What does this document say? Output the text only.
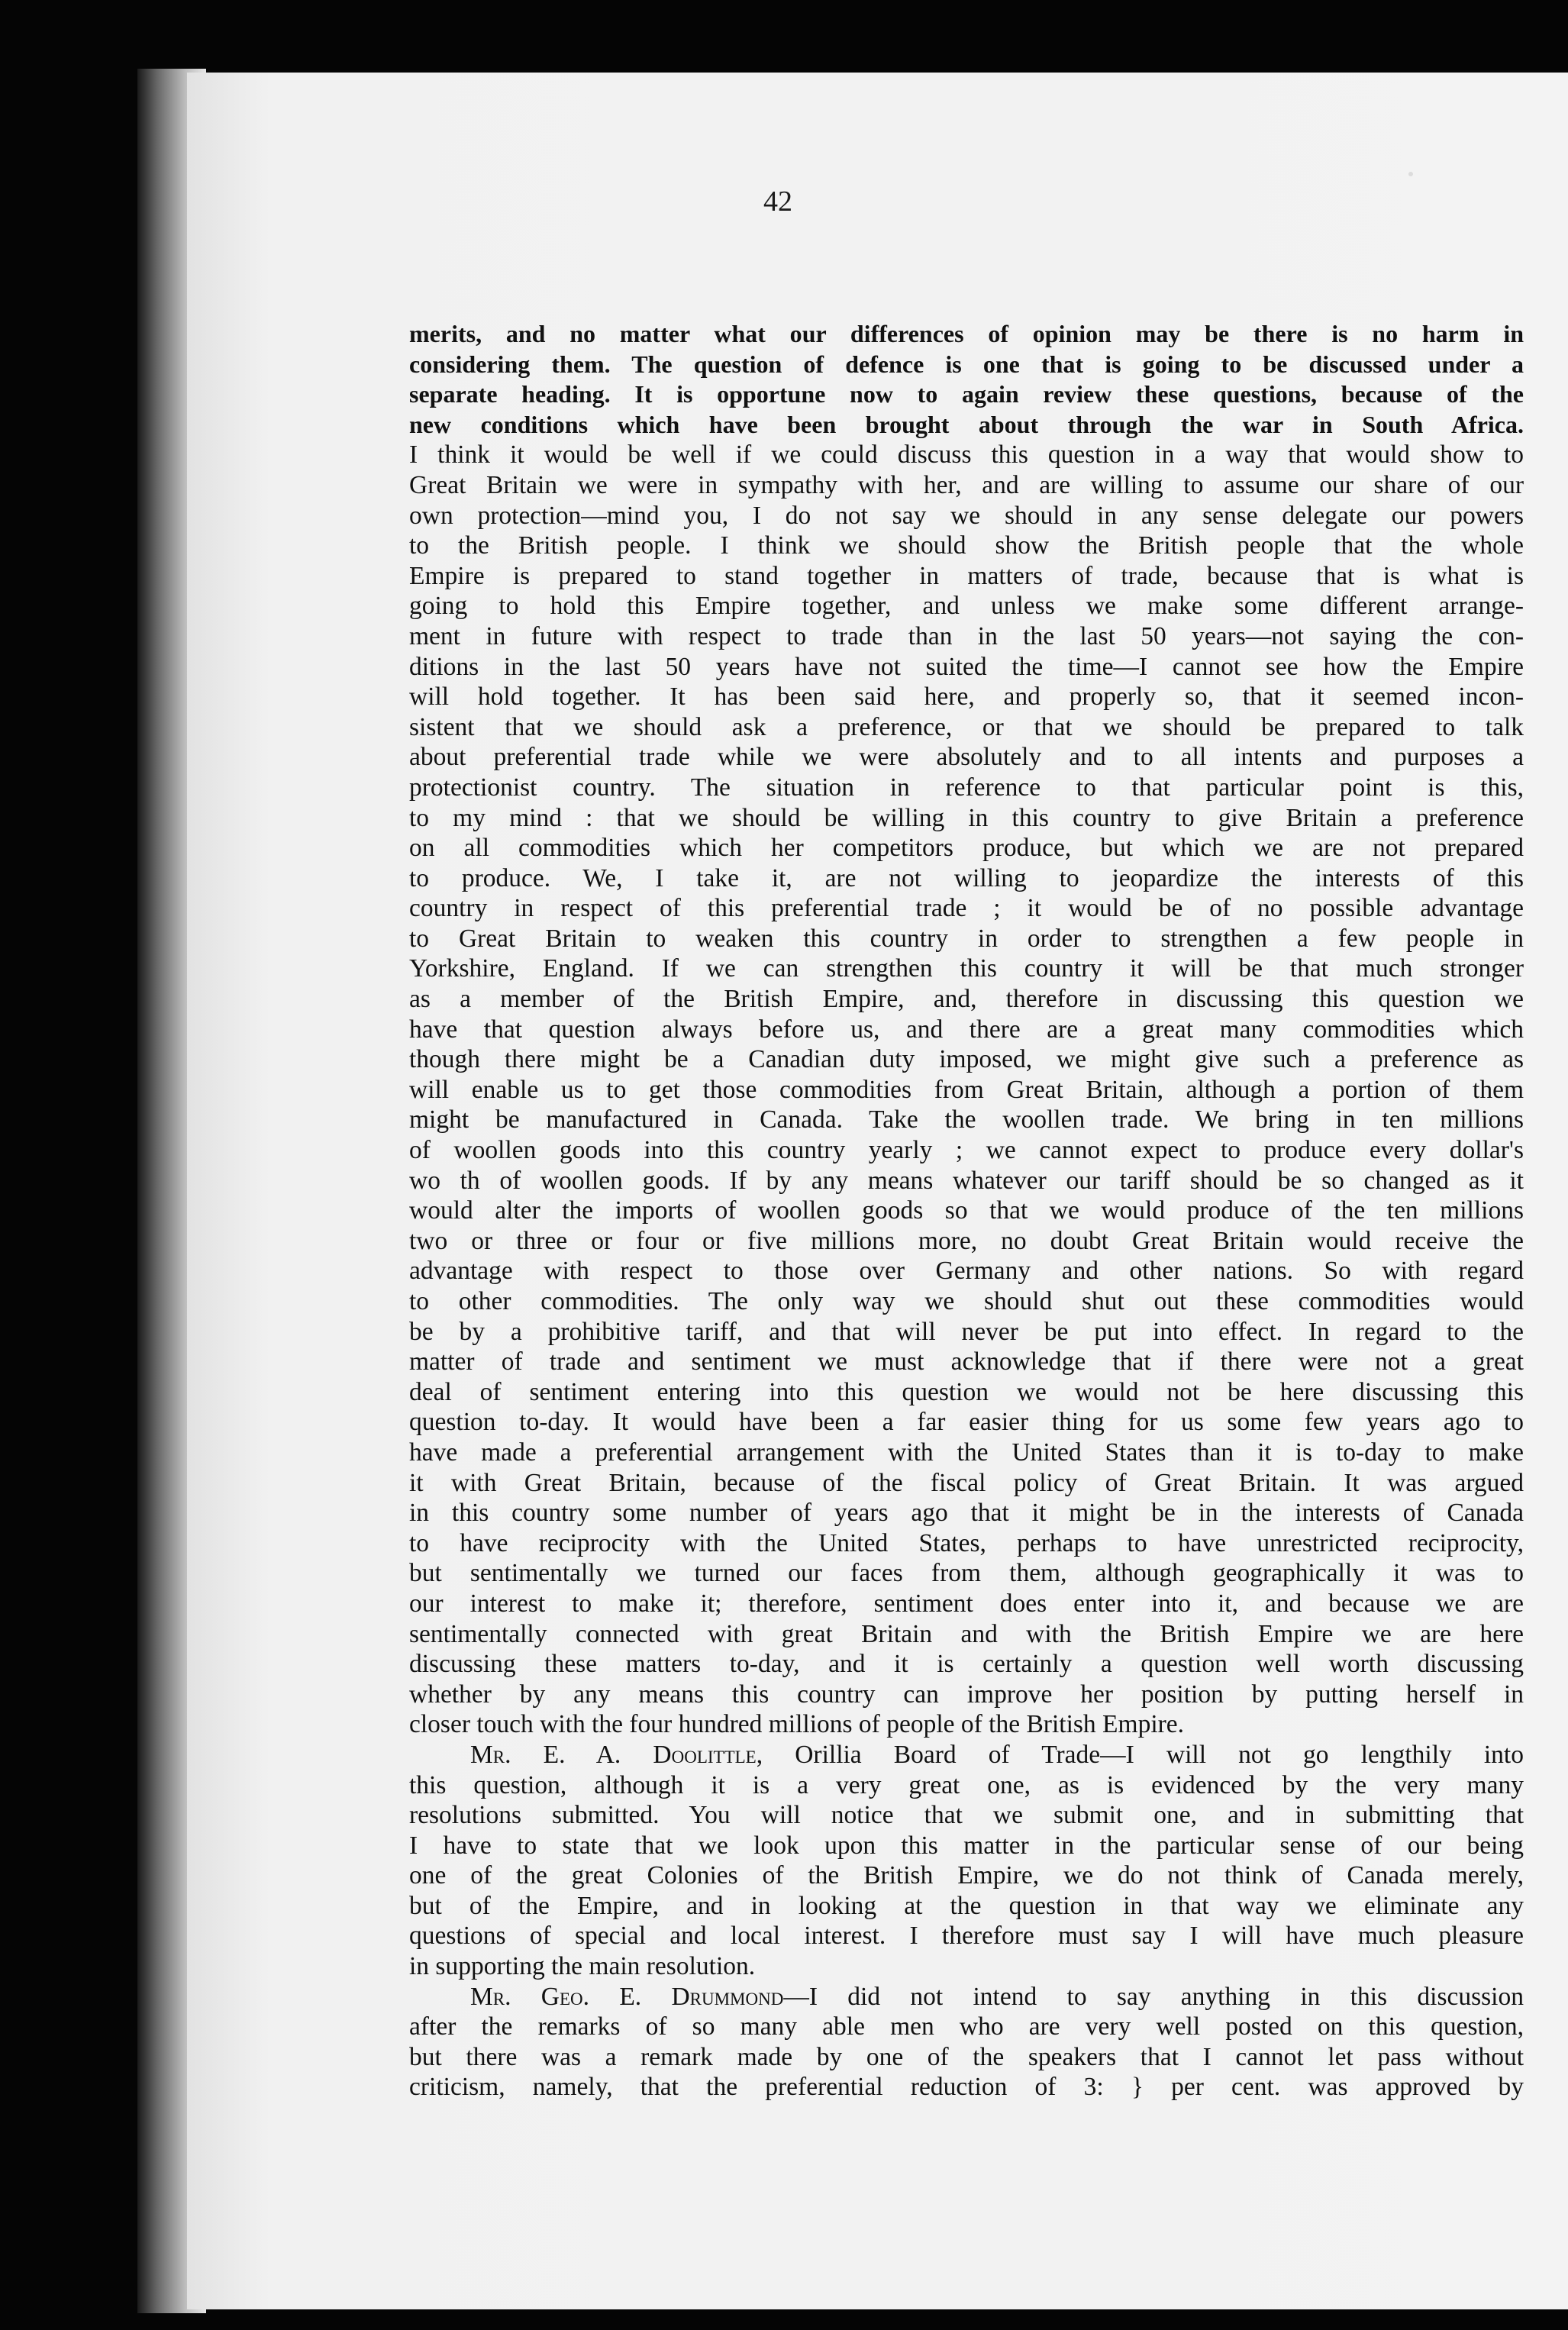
42
merits, and no matter what our differences of opinion may be there is no harm in
considering them. The question of defence is one that is going to be discussed under a
separate heading. It is opportune now to again review these questions, because of the
new conditions which have been brought about through the war in South Africa.
I think it would be well if we could discuss this question in a way that would show to
Great Britain we were in sympathy with her, and are willing to assume our share of our
own protection—mind you, I do not say we should in any sense delegate our powers
to the British people. I think we should show the British people that the whole
Empire is prepared to stand together in matters of trade, because that is what is
going to hold this Empire together, and unless we make some different arrange-
ment in future with respect to trade than in the last 50 years—not saying the con-
ditions in the last 50 years have not suited the time—I cannot see how the Empire
will hold together. It has been said here, and properly so, that it seemed incon-
sistent that we should ask a preference, or that we should be prepared to talk
about preferential trade while we were absolutely and to all intents and purposes a
protectionist country. The situation in reference to that particular point is this,
to my mind : that we should be willing in this country to give Britain a preference
on all commodities which her competitors produce, but which we are not prepared
to produce. We, I take it, are not willing to jeopardize the interests of this
country in respect of this preferential trade ; it would be of no possible advantage
to Great Britain to weaken this country in order to strengthen a few people in
Yorkshire, England. If we can strengthen this country it will be that much stronger
as a member of the British Empire, and, therefore in discussing this question we
have that question always before us, and there are a great many commodities which
though there might be a Canadian duty imposed, we might give such a preference as
will enable us to get those commodities from Great Britain, although a portion of them
might be manufactured in Canada. Take the woollen trade. We bring in ten millions
of woollen goods into this country yearly ; we cannot expect to produce every dollar's
wo th of woollen goods. If by any means whatever our tariff should be so changed as it
would alter the imports of woollen goods so that we would produce of the ten millions
two or three or four or five millions more, no doubt Great Britain would receive the
advantage with respect to those over Germany and other nations. So with regard
to other commodities. The only way we should shut out these commodities would
be by a prohibitive tariff, and that will never be put into effect. In regard to the
matter of trade and sentiment we must acknowledge that if there were not a great
deal of sentiment entering into this question we would not be here discussing this
question to-day. It would have been a far easier thing for us some few years ago to
have made a preferential arrangement with the United States than it is to-day to make
it with Great Britain, because of the fiscal policy of Great Britain. It was argued
in this country some number of years ago that it might be in the interests of Canada
to have reciprocity with the United States, perhaps to have unrestricted reciprocity,
but sentimentally we turned our faces from them, although geographically it was to
our interest to make it; therefore, sentiment does enter into it, and because we are
sentimentally connected with great Britain and with the British Empire we are here
discussing these matters to-day, and it is certainly a question well worth discussing
whether by any means this country can improve her position by putting herself in
closer touch with the four hundred millions of people of the British Empire.
Mr. E. A. Doolittle, Orillia Board of Trade—I will not go lengthily into
this question, although it is a very great one, as is evidenced by the very many
resolutions submitted. You will notice that we submit one, and in submitting that
I have to state that we look upon this matter in the particular sense of our being
one of the great Colonies of the British Empire, we do not think of Canada merely,
but of the Empire, and in looking at the question in that way we eliminate any
questions of special and local interest. I therefore must say I will have much pleasure
in supporting the main resolution.
Mr. Geo. E. Drummond—I did not intend to say anything in this discussion
after the remarks of so many able men who are very well posted on this question,
but there was a remark made by one of the speakers that I cannot let pass without
criticism, namely, that the preferential reduction of 3: } per cent. was approved by
